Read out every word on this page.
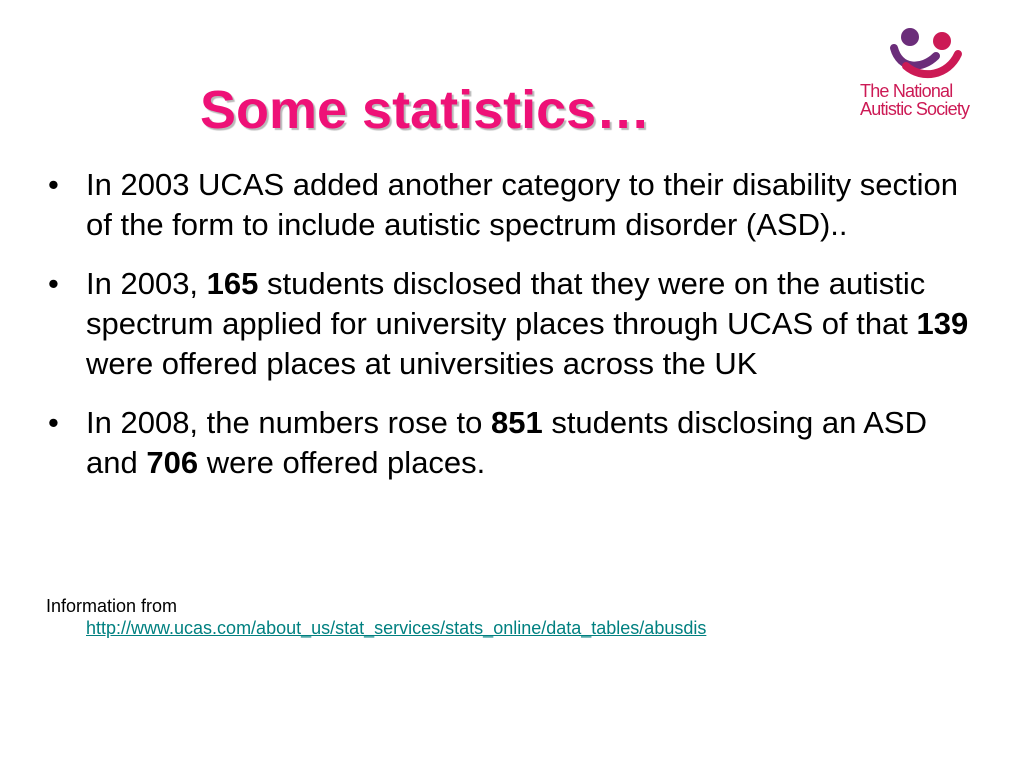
Some statistics…	The National
Autistic Society
• In 2003 UCAS added another category to their disability section of the form to include autistic spectrum disorder (ASD)..
• In 2003, 165 students disclosed that they were on the autistic spectrum applied for university places through UCAS of that 139 were offered places at universities across the UK
• In 2008, the numbers rose to 851 students disclosing an ASD and 706 were offered places.
Information from
http://www.ucas.com/about_us/stat_services/stats_online/data_tables/abusdis
